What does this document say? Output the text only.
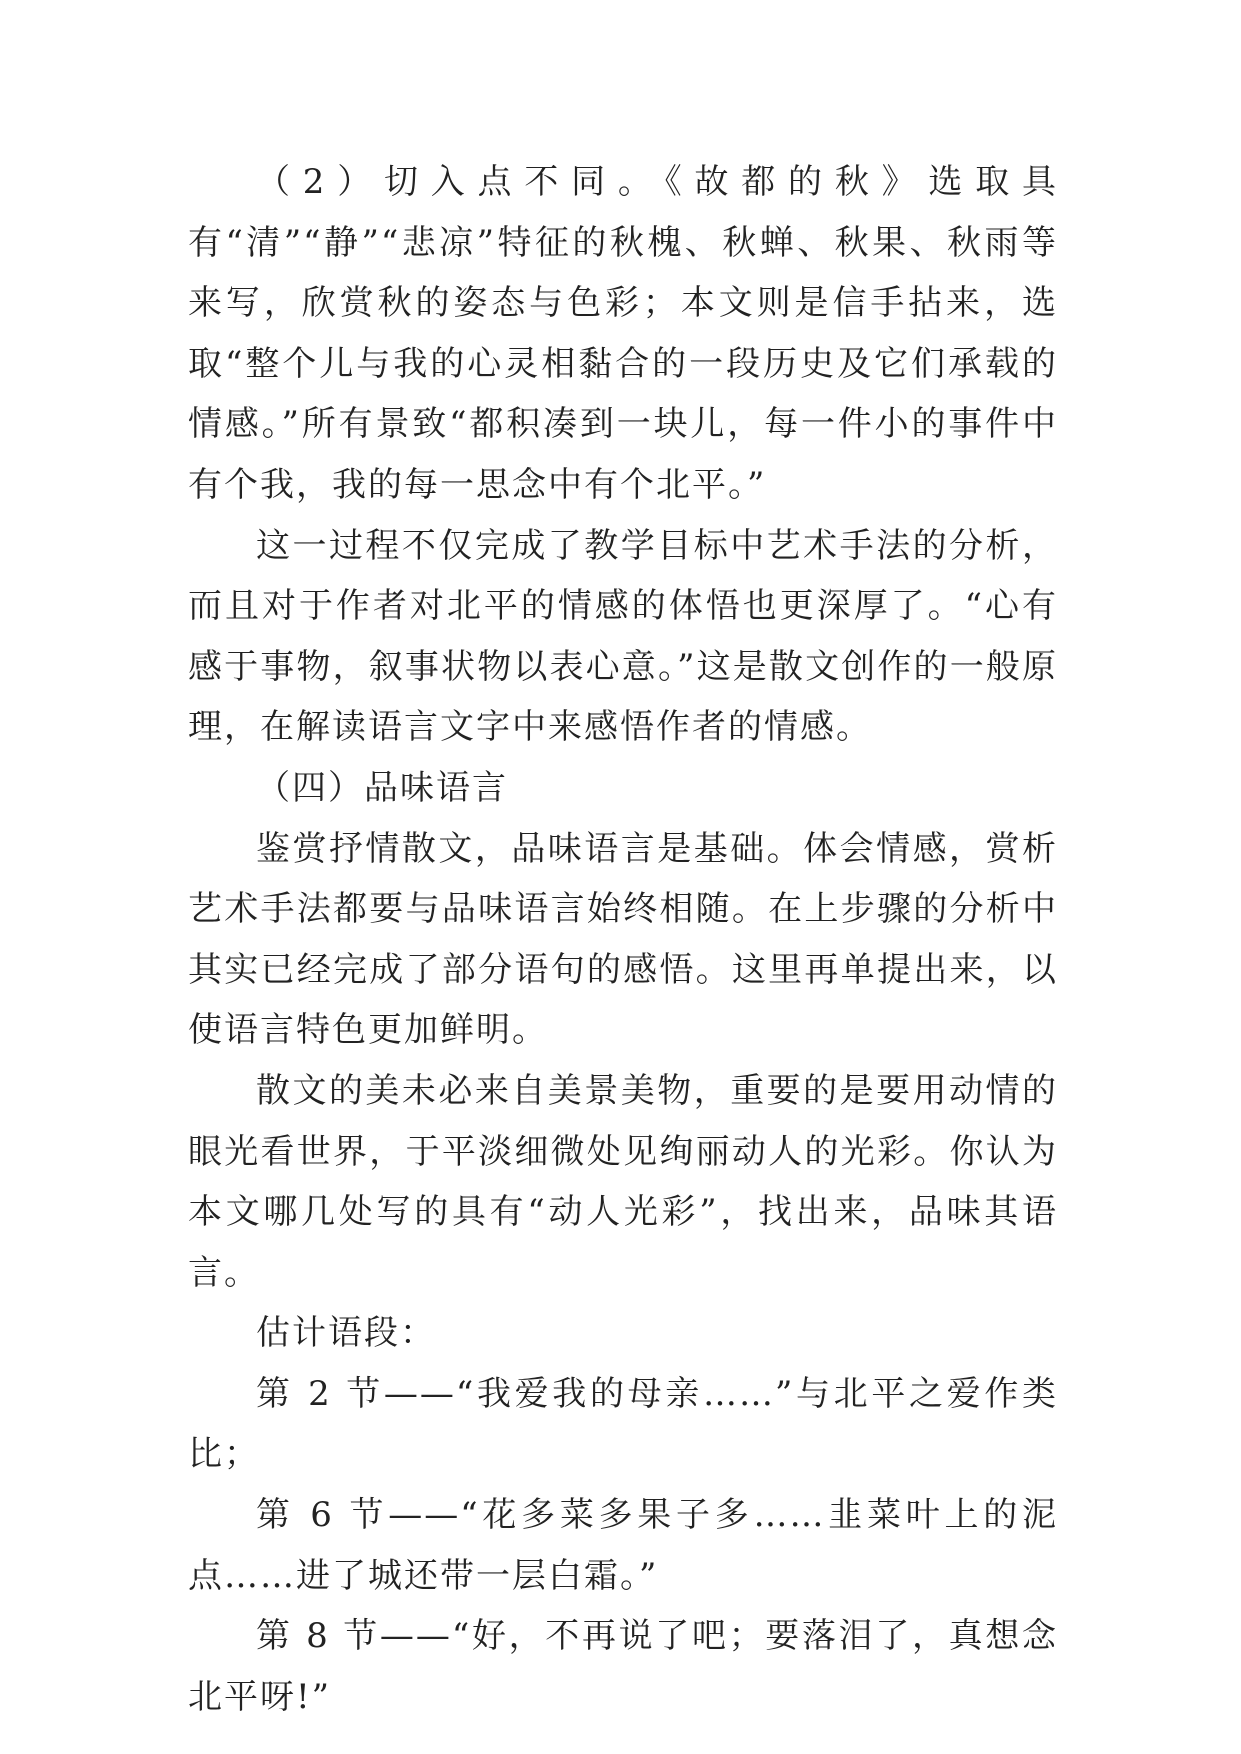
（2）切入点不同。《故都的秋》选取具有“清”“静”“悲凉”特征的秋槐、秋蝉、秋果、秋雨等来写，欣赏秋的姿态与色彩；本文则是信手拈来，选取“整个儿与我的心灵相黏合的一段历史及它们承载的情感。”所有景致“都积凑到一块儿，每一件小的事件中有个我，我的每一思念中有个北平。”

这一过程不仅完成了教学目标中艺术手法的分析，而且对于作者对北平的情感的体悟也更深厚了。“心有感于事物，叙事状物以表心意。”这是散文创作的一般原理，在解读语言文字中来感悟作者的情感。

（四）品味语言

鉴赏抒情散文，品味语言是基础。体会情感，赏析艺术手法都要与品味语言始终相随。在上步骤的分析中其实已经完成了部分语句的感悟。这里再单提出来，以使语言特色更加鲜明。

散文的美未必来自美景美物，重要的是要用动情的眼光看世界，于平淡细微处见绚丽动人的光彩。你认为本文哪几处写的具有“动人光彩”，找出来，品味其语言。

估计语段：

第 2 节——“我爱我的母亲……”与北平之爱作类比；

第 6 节——“花多菜多果子多……韭菜叶上的泥点……进了城还带一层白霜。”

第 8 节——“好，不再说了吧；要落泪了，真想念北平呀!”
